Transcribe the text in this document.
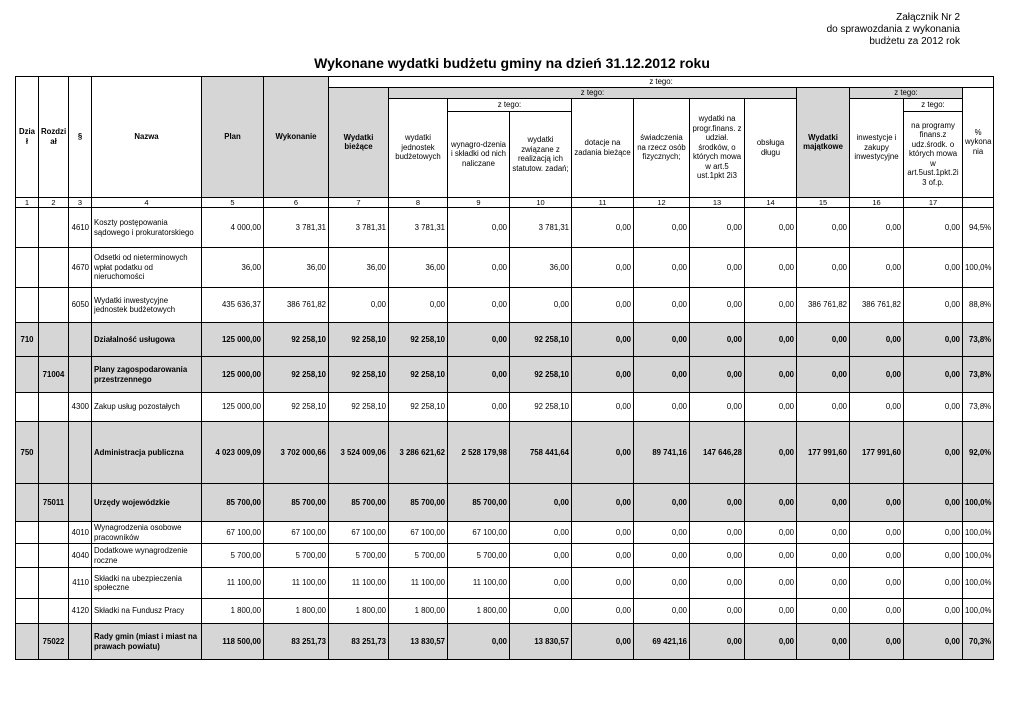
Załącznik Nr 2
do sprawozdania z wykonania
budżetu za 2012 rok
Wykonane wydatki budżetu gminy na dzień 31.12.2012 roku
Dzia ł	Rozdzi ał	§	Nazwa	Plan	Wykonanie	z tego:											
						Wydatki bieżące	z tego:							Wydatki majątkowe	z tego:		% wykona nia
							wydatki jednostek budżetowych	z tego:		dotacje na zadania bieżące	świadczenia na rzecz osób fizycznych;	wydatki na progr.finans. z udział. środków, o których mowa w art.5 ust.1pkt 2i3	obsługa długu		inwestycje i zakupy inwestycyjne	z tego:	
								wynagro-dzenia i składki od nich naliczane	wydatki związane z realizacją ich statutow. zadań;							na programy finans.z udz.środk. o których mowa w art.5ust.1pkt.2i 3 of.p.	
1	2	3	4	5	6	7	8	9	10	11	12	13	14	15	16	17	
		4610	Koszty postępowania sądowego i prokuratorskiego	4 000,00	3 781,31	3 781,31	3 781,31	0,00	3 781,31	0,00	0,00	0,00	0,00	0,00	0,00	0,00	94,5%
		4670	Odsetki od nieterminowych wpłat podatku od nieruchomości	36,00	36,00	36,00	36,00	0,00	36,00	0,00	0,00	0,00	0,00	0,00	0,00	0,00	100,0%
		6050	Wydatki inwestycyjne jednostek budżetowych	435 636,37	386 761,82	0,00	0,00	0,00	0,00	0,00	0,00	0,00	0,00	386 761,82	386 761,82	0,00	88,8%
710			Działalność usługowa	125 000,00	92 258,10	92 258,10	92 258,10	0,00	92 258,10	0,00	0,00	0,00	0,00	0,00	0,00	0,00	73,8%
	71004		Plany zagospodarowania przestrzennego	125 000,00	92 258,10	92 258,10	92 258,10	0,00	92 258,10	0,00	0,00	0,00	0,00	0,00	0,00	0,00	73,8%
		4300	Zakup usług pozostałych	125 000,00	92 258,10	92 258,10	92 258,10	0,00	92 258,10	0,00	0,00	0,00	0,00	0,00	0,00	0,00	73,8%
750			Administracja publiczna	4 023 009,09	3 702 000,66	3 524 009,06	3 286 621,62	2 528 179,98	758 441,64	0,00	89 741,16	147 646,28	0,00	177 991,60	177 991,60	0,00	92,0%
	75011		Urzędy wojewódzkie	85 700,00	85 700,00	85 700,00	85 700,00	85 700,00	0,00	0,00	0,00	0,00	0,00	0,00	0,00	0,00	100,0%
		4010	Wynagrodzenia osobowe pracowników	67 100,00	67 100,00	67 100,00	67 100,00	67 100,00	0,00	0,00	0,00	0,00	0,00	0,00	0,00	0,00	100,0%
		4040	Dodatkowe wynagrodzenie roczne	5 700,00	5 700,00	5 700,00	5 700,00	5 700,00	0,00	0,00	0,00	0,00	0,00	0,00	0,00	0,00	100,0%
		4110	Składki na ubezpieczenia społeczne	11 100,00	11 100,00	11 100,00	11 100,00	11 100,00	0,00	0,00	0,00	0,00	0,00	0,00	0,00	0,00	100,0%
		4120	Składki na Fundusz Pracy	1 800,00	1 800,00	1 800,00	1 800,00	1 800,00	0,00	0,00	0,00	0,00	0,00	0,00	0,00	0,00	100,0%
	75022		Rady gmin (miast i miast na prawach powiatu)	118 500,00	83 251,73	83 251,73	13 830,57	0,00	13 830,57	0,00	69 421,16	0,00	0,00	0,00	0,00	0,00	70,3%
